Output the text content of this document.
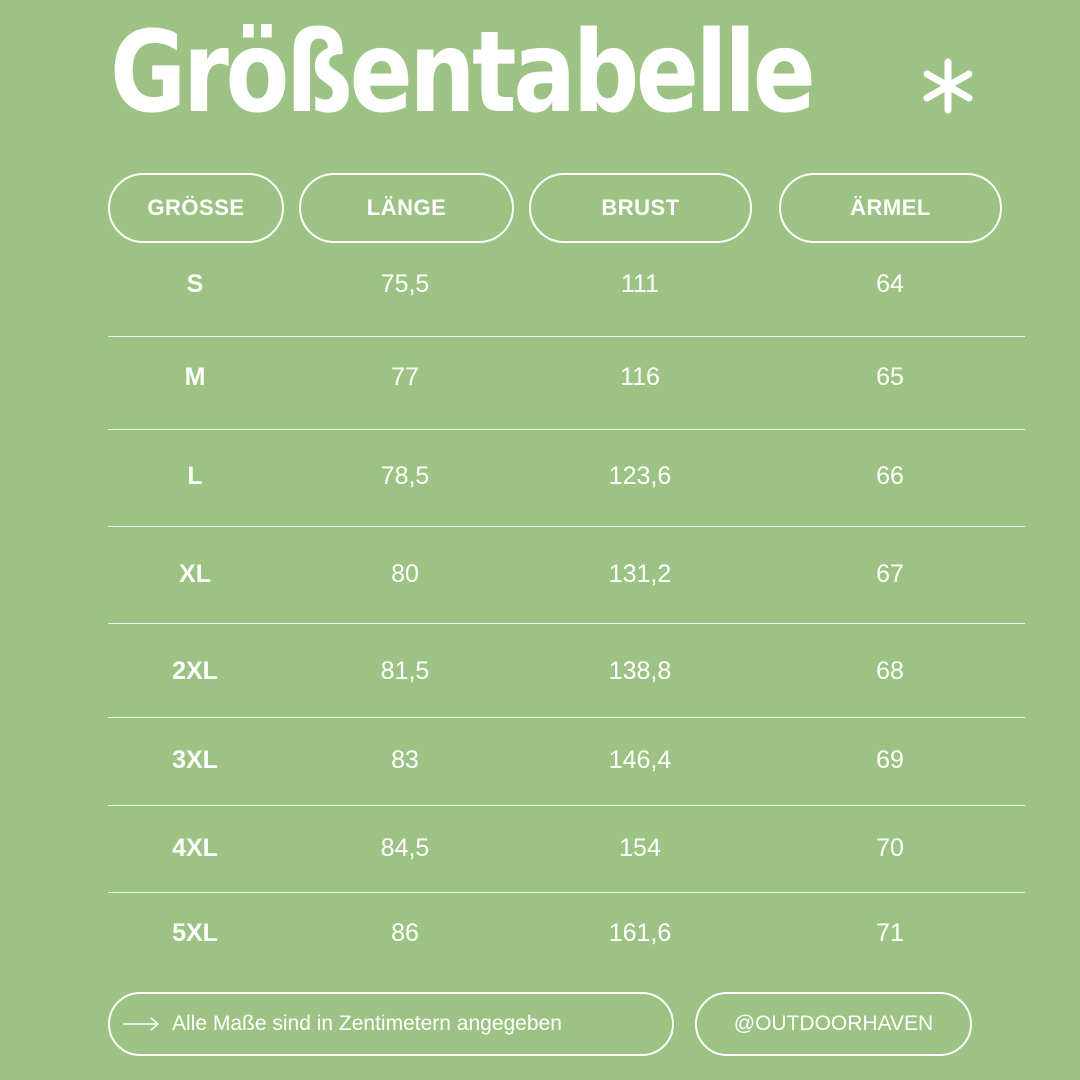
Größentabelle
GRÖSSE	LÄNGE	BRUST	ÄRMEL
S	75,5	111	64
M	77	116	65
L	78,5	123,6	66
XL	80	131,2	67
2XL	81,5	138,8	68
3XL	83	146,4	69
4XL	84,5	154	70
5XL	86	161,6	71
Alle Maße sind in Zentimetern angegeben	@OUTDOORHAVEN
